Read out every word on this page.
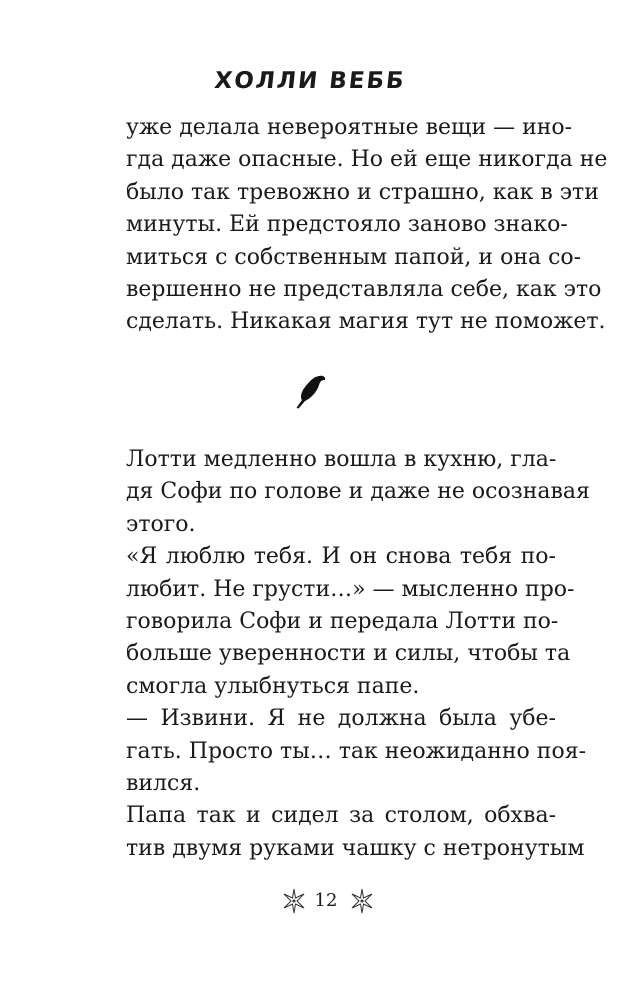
ХОЛЛИ ВЕББ
уже делала невероятные вещи — ино-
гда даже опасные. Но ей еще никогда не
было так тревожно и страшно, как в эти
минуты. Ей предстояло заново знако-
миться с собственным папой, и она со-
вершенно не представляла себе, как это
сделать. Никакая магия тут не поможет.
Лотти медленно вошла в кухню, гла-
дя Софи по голове и даже не осознавая
этого.
«Я люблю тебя. И он снова тебя по-
любит. Не грусти…» — мысленно про-
говорила Софи и передала Лотти по-
больше уверенности и силы, чтобы та
смогла улыбнуться папе.
— Извини. Я не должна была убе-
гать. Просто ты… так неожиданно поя-
вился.
Папа так и сидел за столом, обхва-
тив двумя руками чашку с нетронутым
12
